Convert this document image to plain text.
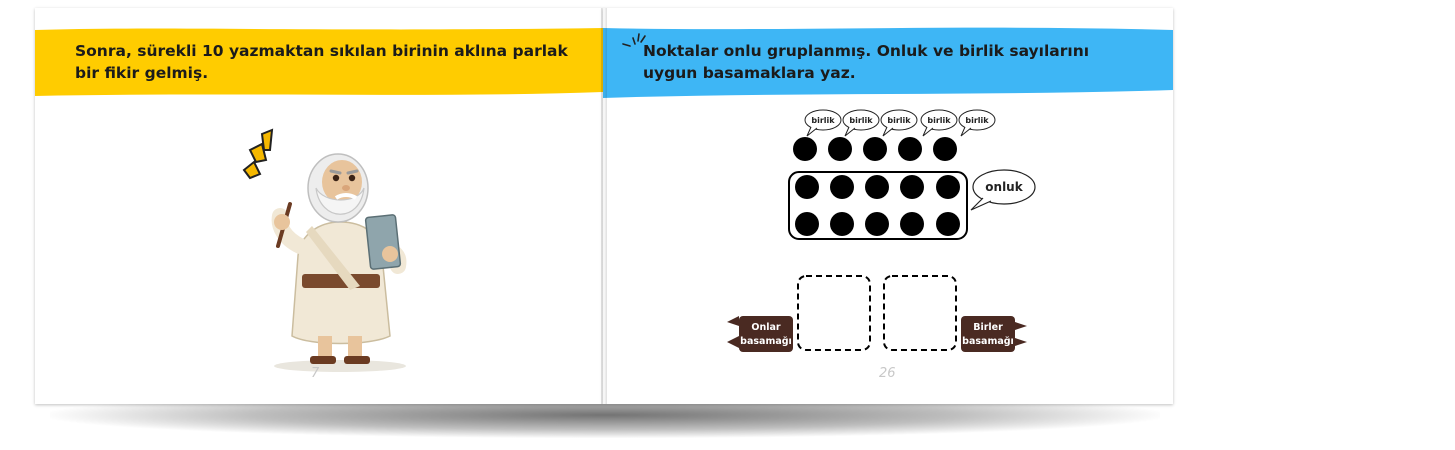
Sonra, sürekli 10 yazmaktan sıkılan birinin aklına parlak bir fikir gelmiş.
7
Noktalar onlu gruplanmış. Onluk ve birlik sayılarını uygun basamaklara yaz.
birlik birlik birlik birlik birlik
onluk
Onlar
basamağı
Birler
basamağı
26
